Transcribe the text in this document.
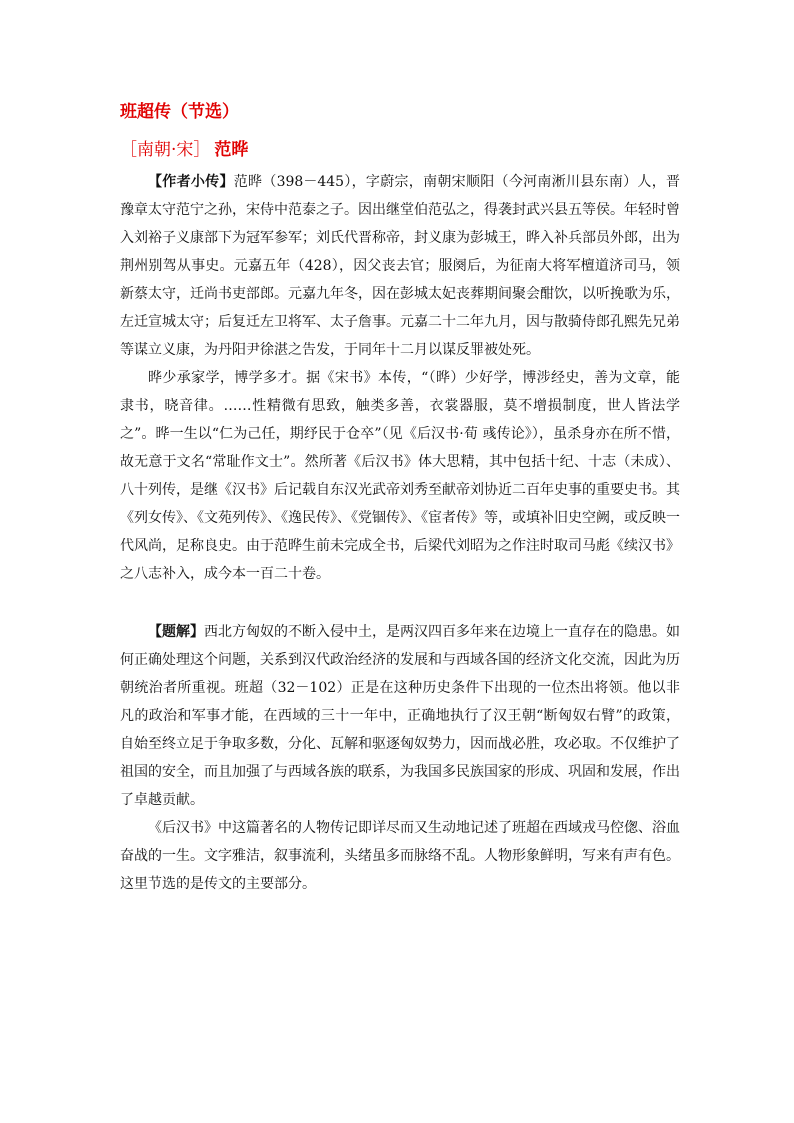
班超传（节选）
［南朝·宋］ 范晔

【作者小传】范晔（398－445），字蔚宗，南朝宋顺阳（今河南淅川县东南）人，晋豫章太守范宁之孙，宋侍中范泰之子。因出继堂伯范弘之，得袭封武兴县五等侯。年轻时曾入刘裕子义康部下为冠军参军；刘氏代晋称帝，封义康为彭城王，晔入补兵部员外郎，出为荆州别驾从事史。元嘉五年（428），因父丧去官；服阕后，为征南大将军檀道济司马，领新蔡太守，迁尚书吏部郎。元嘉九年冬，因在彭城太妃丧葬期间聚会酣饮，以听挽歌为乐，左迁宣城太守；后复迁左卫将军、太子詹事。元嘉二十二年九月，因与散骑侍郎孔熙先兄弟等谋立义康，为丹阳尹徐湛之告发，于同年十二月以谋反罪被处死。

晔少承家学，博学多才。据《宋书》本传，“（晔）少好学，博涉经史，善为文章，能隶书，晓音律。……性精微有思致，触类多善，衣裳器服，莫不增损制度，世人皆法学之”。晔一生以“仁为己任，期纾民于仓卒”（见《后汉书·荀 彧传论》），虽杀身亦在所不惜，故无意于文名“常耻作文士”。然所著《后汉书》体大思精，其中包括十纪、十志（未成）、八十列传，是继《汉书》后记载自东汉光武帝刘秀至献帝刘协近二百年史事的重要史书。其《列女传》、《文苑列传》、《逸民传》、《党锢传》、《宦者传》等，或填补旧史空阙，或反映一代风尚，足称良史。由于范晔生前未完成全书，后梁代刘昭为之作注时取司马彪《续汉书》之八志补入，成今本一百二十卷。

【题解】西北方匈奴的不断入侵中土，是两汉四百多年来在边境上一直存在的隐患。如何正确处理这个问题，关系到汉代政治经济的发展和与西域各国的经济文化交流，因此为历朝统治者所重视。班超（32－102）正是在这种历史条件下出现的一位杰出将领。他以非凡的政治和军事才能，在西域的三十一年中，正确地执行了汉王朝“断匈奴右臂”的政策，自始至终立足于争取多数，分化、瓦解和驱逐匈奴势力，因而战必胜，攻必取。不仅维护了祖国的安全，而且加强了与西域各族的联系，为我国多民族国家的形成、巩固和发展，作出了卓越贡献。

《后汉书》中这篇著名的人物传记即详尽而又生动地记述了班超在西域戎马倥偬、浴血奋战的一生。文字雅洁，叙事流利，头绪虽多而脉络不乱。人物形象鲜明，写来有声有色。这里节选的是传文的主要部分。
